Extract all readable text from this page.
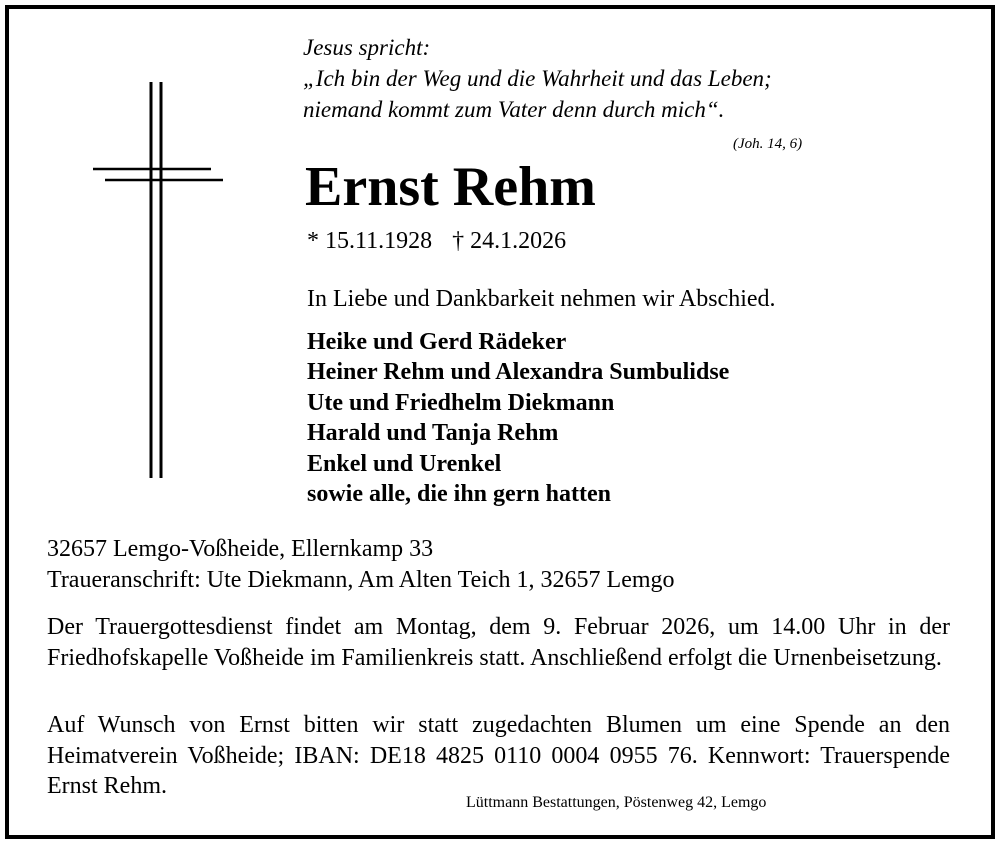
Jesus spricht:
„Ich bin der Weg und die Wahrheit und das Leben;
niemand kommt zum Vater denn durch mich“.
(Joh. 14, 6)
Ernst Rehm
* 15.11.1928 † 24.1.2026
In Liebe und Dankbarkeit nehmen wir Abschied.
Heike und Gerd Rädeker
Heiner Rehm und Alexandra Sumbulidse
Ute und Friedhelm Diekmann
Harald und Tanja Rehm
Enkel und Urenkel
sowie alle, die ihn gern hatten
32657 Lemgo-Voßheide, Ellernkamp 33
Traueranschrift: Ute Diekmann, Am Alten Teich 1, 32657 Lemgo
Der Trauergottesdienst findet am Montag, dem 9. Februar 2026, um 14.00 Uhr in der Friedhofskapelle Voßheide im Familienkreis statt. Anschließend erfolgt die Urnenbeisetzung.
Auf Wunsch von Ernst bitten wir statt zugedachten Blumen um eine Spende an den Heimatverein Voßheide; IBAN: DE18 4825 0110 0004 0955 76. Kennwort: Trauerspende Ernst Rehm.
Lüttmann Bestattungen, Pöstenweg 42, Lemgo
